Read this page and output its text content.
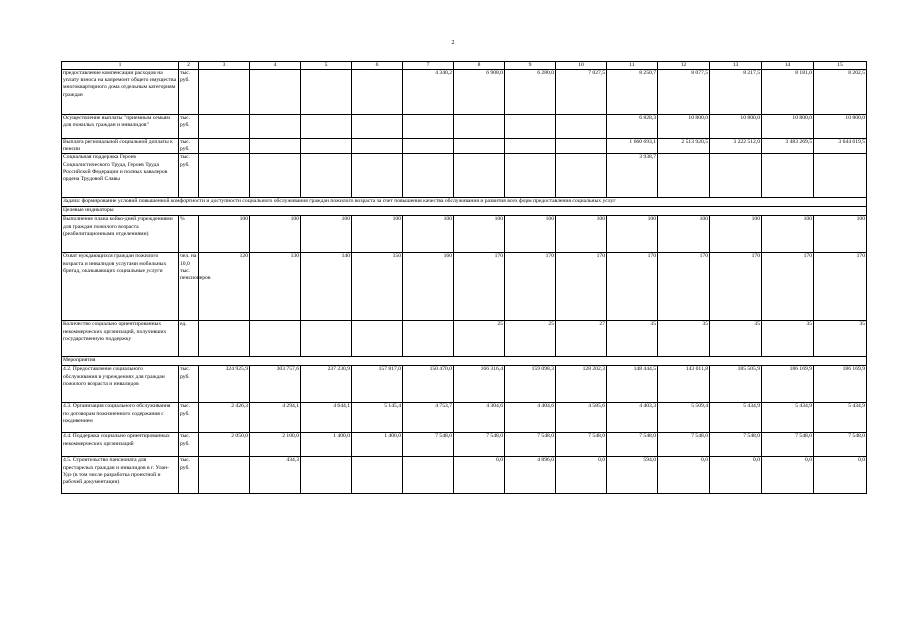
2
1	2	3	4	5	6	7	8	9	10	11	12	13	14	15
предоставление компенсации расходов на уплату взноса на капремонт общего имущества многоквартирного дома отдельным категориям граждан	тыс. руб.					4 340,2	6 908,0	6 280,0	7 027,5	8 250,7	8 077,5	8 217,5	8 181,0	8 202,5
Осуществление выплаты "приемным семьям для пожилых граждан и инвалидов"	тыс. руб.									6 828,3	10 800,0	10 800,0	10 800,0	10 800,0
Выплата региональной социальной доплаты к пенсии	тыс. руб.									1 660 693,1	2 513 920,5	3 222 512,0	3 483 269,5	3 644 619,5
Социальная поддержка Героев Социалистического Труда, Героев Труда Российской Федерации и полных кавалеров ордена Трудовой Славы	тыс. руб.									3 938,7				
Задача: формирование условий повышенной комфортности и доступности социального обслуживания граждан пожилого возраста за счет повышения качества обслуживания и развития всех форм предоставления социальных услуг														
Целевые индикаторы														
Выполнение плана койко-дней учреждениями для граждан пожилого возраста (реабилитационными отделениями)	%	100	100	100	100	100	100	100	100	100	100	100	100	100
Охват нуждающихся граждан пожилого возраста и инвалидов услугами мобильных бригад, оказывающих социальные услуги	чел. на 10,0 тыс. пенсионеров	120	130	140	150	160	170	170	170	170	170	170	170	170
Количество социально ориентированных некоммерческих организаций, получивших государственную поддержку	ед.						25	25	27	35	35	35	35	35
Мероприятия														
4.2. Предоставление социального обслуживания в учреждениях для граждан пожилого возраста и инвалидов	тыс. руб.	324 925,9	303 757,6	237 230,9	157 817,0	150 470,0	166 316,4	159 098,3	128 202,3	148 444,5	143 011,8	185 505,9	186 169,9	186 169,9
4.3. Организация социального обслуживания по договорам пожизненного содержания с иждивением	тыс. руб.	2 426,3	4 294,1	4 644,1	5 145,4	4 753,7	4 304,6	4 404,6	4 585,6	4 403,3	5 509,4	5 434,9	5 434,9	5 434,9
4.4. Поддержка социально ориентированных некоммерческих организаций	тыс. руб.	2 050,0	2 100,0	1 400,0	1 400,0	7 548,0	7 548,0	7 548,0	7 548,0	7 548,0	7 548,0	7 548,0	7 548,0	7 548,0
4.5. Строительство пансионата для престарелых граждан и инвалидов в г. Улан-Удэ (в том числе разработка проектной и рабочей документации)	тыс. руб.		434,3				0,0	4 896,0	0,0	594,0	0,0	0,0	0,0	0,0
